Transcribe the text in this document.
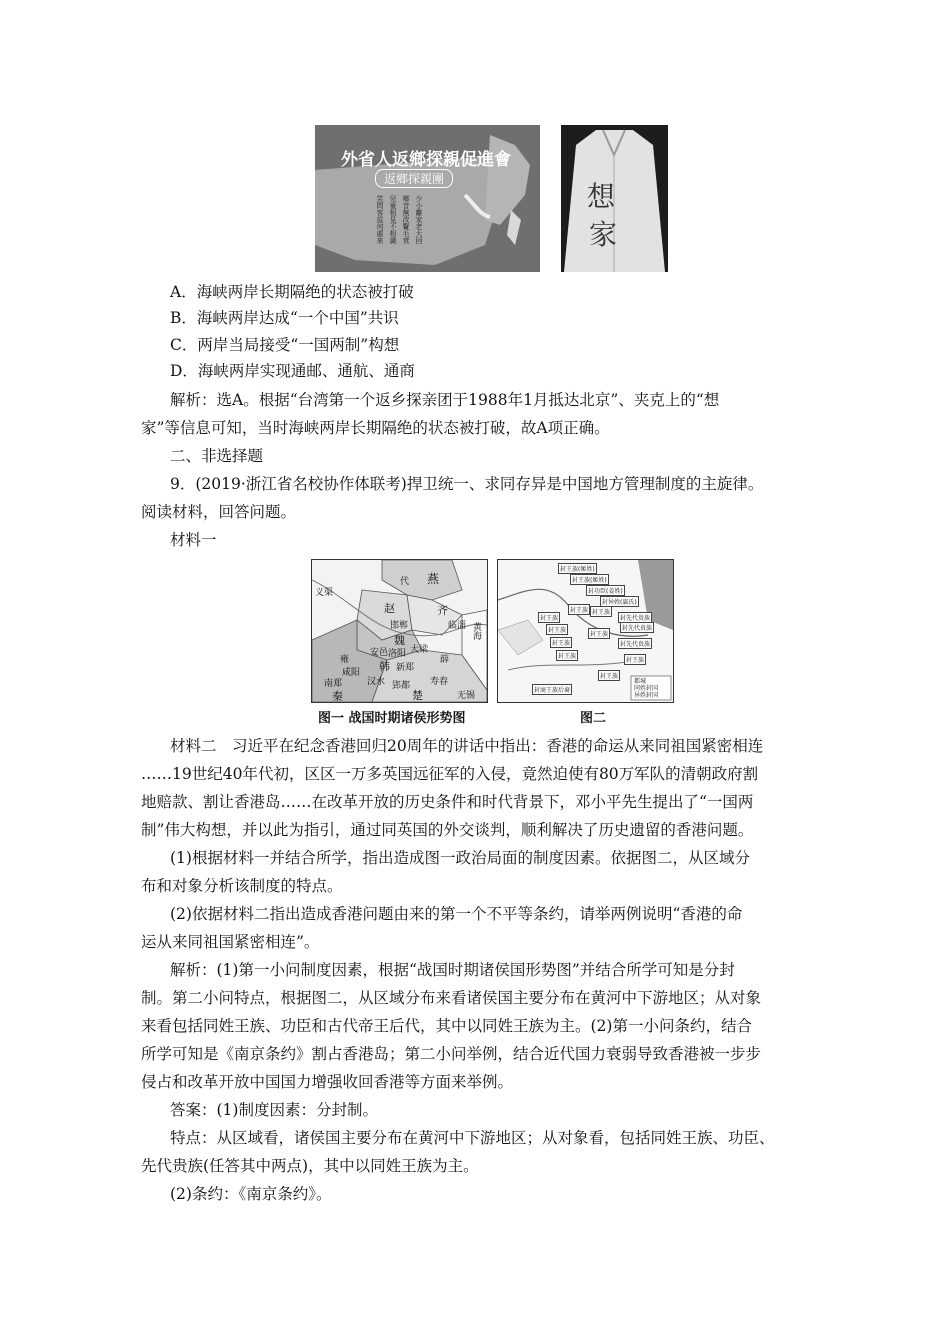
外省人返鄉探親促進會
返鄉探親團
少小離家老大回
鄉音無改鬢毛衰
兒童相見不相識
笑問客從何處來	想
家
A．海峡两岸长期隔绝的状态被打破
B．海峡两岸达成“一个中国”共识
C．两岸当局接受“一国两制”构想
D．海峡两岸实现通邮、通航、通商
解析：选A。根据“台湾第一个返乡探亲团于1988年1月抵达北京”、夹克上的“想
家”等信息可知，当时海峡两岸长期隔绝的状态被打破，故A项正确。
二、非选择题
9．(2019·浙江省名校协作体联考)捍卫统一、求同存异是中国地方管理制度的主旋律。
阅读材料，回答问题。
材料一
燕
代
赵	齐
临淄
邯郸
魏
黄海
义渠
安邑 洛阳 大梁
雍
咸阳 韩 新郑
汉水
薛
南郑
秦
郢都 寿春
楚	无锡
图一 战国时期诸侯形势图
封王族(姬姓)
封王族(姬姓)
封功臣(姜姓)
封异姓(嬴氏)
封王族 封王族
封王族	封先代贵族
封先代贵族
封王族
封王族
封王族	封先代贵族
封王族
封王族
封商王族后裔
封王族
都城
同姓封国
异姓封国
图二
材料二　习近平在纪念香港回归20周年的讲话中指出：香港的命运从来同祖国紧密相连
……19世纪40年代初，区区一万多英国远征军的入侵，竟然迫使有80万军队的清朝政府割
地赔款、割让香港岛……在改革开放的历史条件和时代背景下，邓小平先生提出了“一国两
制”伟大构想，并以此为指引，通过同英国的外交谈判，顺利解决了历史遗留的香港问题。
(1)根据材料一并结合所学，指出造成图一政治局面的制度因素。依据图二，从区域分
布和对象分析该制度的特点。
(2)依据材料二指出造成香港问题由来的第一个不平等条约，请举两例说明“香港的命
运从来同祖国紧密相连”。
解析：(1)第一小问制度因素，根据“战国时期诸侯国形势图”并结合所学可知是分封
制。第二小问特点，根据图二，从区域分布来看诸侯国主要分布在黄河中下游地区；从对象
来看包括同姓王族、功臣和古代帝王后代，其中以同姓王族为主。(2)第一小问条约，结合
所学可知是《南京条约》割占香港岛；第二小问举例，结合近代国力衰弱导致香港被一步步
侵占和改革开放中国国力增强收回香港等方面来举例。
答案：(1)制度因素：分封制。
特点：从区域看，诸侯国主要分布在黄河中下游地区；从对象看，包括同姓王族、功臣、
先代贵族(任答其中两点)，其中以同姓王族为主。
(2)条约：《南京条约》。
